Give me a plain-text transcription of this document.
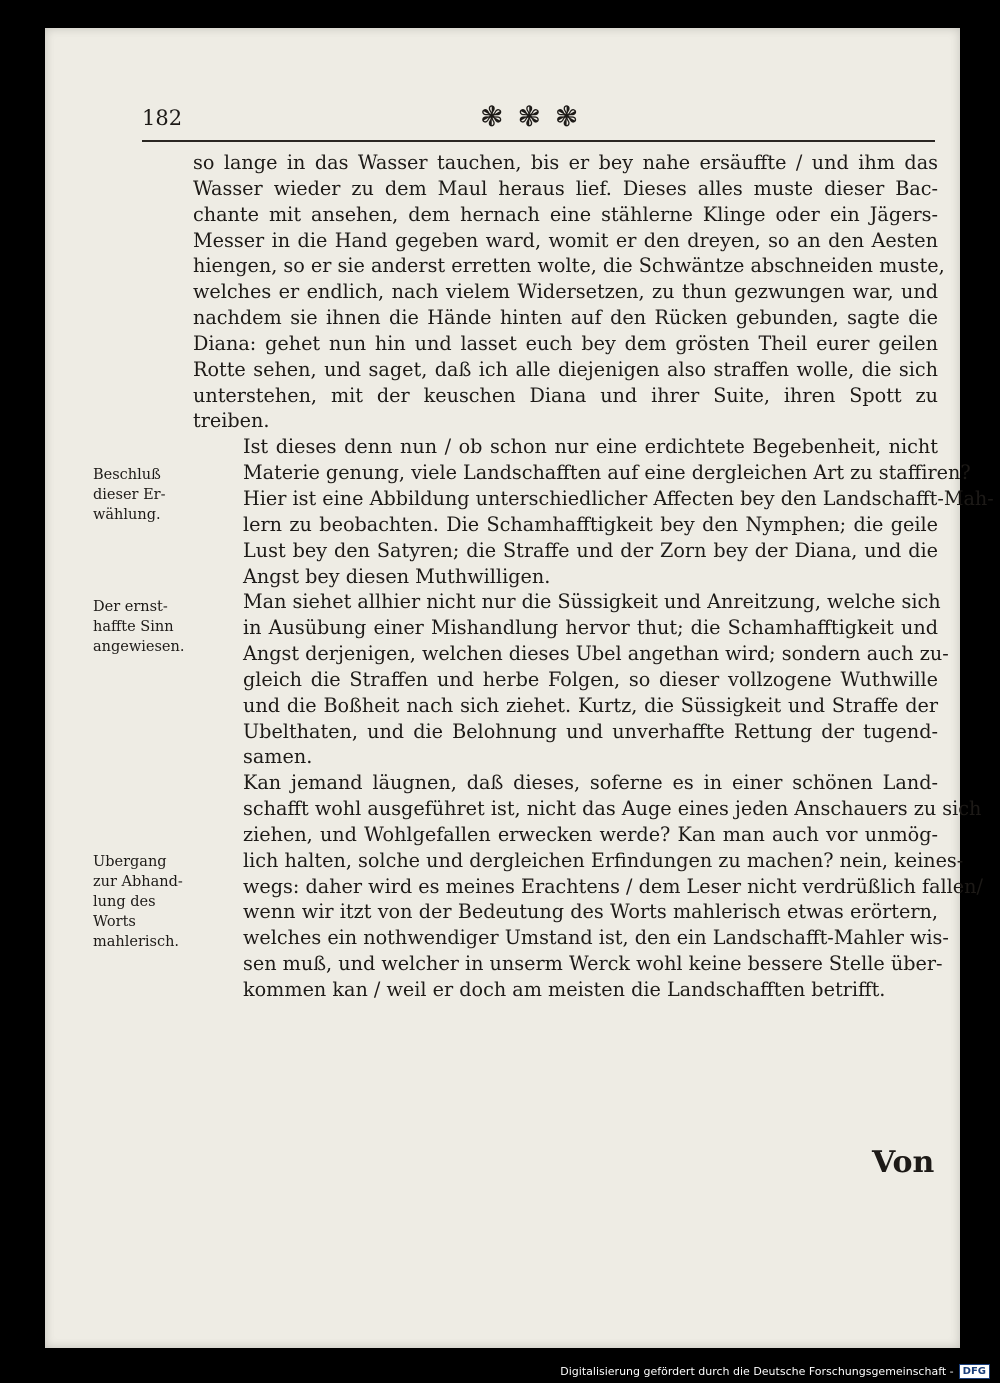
182	❃❃❃
so lange in das Wasser tauchen, bis er bey nahe ersäuffte / und ihm das
Wasser wieder zu dem Maul heraus lief. Dieses alles muste dieser Bac-
chante mit ansehen, dem hernach eine stählerne Klinge oder ein Jägers-
Messer in die Hand gegeben ward, womit er den dreyen, so an den Aesten
hiengen, so er sie anderst erretten wolte, die Schwäntze abschneiden muste,
welches er endlich, nach vielem Widersetzen, zu thun gezwungen war, und
nachdem sie ihnen die Hände hinten auf den Rücken gebunden, sagte die
Diana: gehet nun hin und lasset euch bey dem grösten Theil eurer geilen
Rotte sehen, und saget, daß ich alle diejenigen also straffen wolle, die sich
unterstehen, mit der keuschen Diana und ihrer Suite, ihren Spott zu
treiben.
Ist dieses denn nun / ob schon nur eine erdichtete Begebenheit, nicht
Materie genung, viele Landschafften auf eine dergleichen Art zu staffiren?
Hier ist eine Abbildung unterschiedlicher Affecten bey den Landschafft-Mah-
lern zu beobachten. Die Schamhafftigkeit bey den Nymphen; die geile
Lust bey den Satyren; die Straffe und der Zorn bey der Diana, und die
Angst bey diesen Muthwilligen.
Man siehet allhier nicht nur die Süssigkeit und Anreitzung, welche sich
in Ausübung einer Mishandlung hervor thut; die Schamhafftigkeit und
Angst derjenigen, welchen dieses Ubel angethan wird; sondern auch zu-
gleich die Straffen und herbe Folgen, so dieser vollzogene Wuthwille
und die Boßheit nach sich ziehet. Kurtz, die Süssigkeit und Straffe der
Ubelthaten, und die Belohnung und unverhaffte Rettung der tugend-
samen.
Kan jemand läugnen, daß dieses, soferne es in einer schönen Land-
schafft wohl ausgeführet ist, nicht das Auge eines jeden Anschauers zu sich
ziehen, und Wohlgefallen erwecken werde? Kan man auch vor unmög-
lich halten, solche und dergleichen Erfindungen zu machen? nein, keines-
wegs: daher wird es meines Erachtens / dem Leser nicht verdrüßlich fallen/
wenn wir itzt von der Bedeutung des Worts mahlerisch etwas erörtern,
welches ein nothwendiger Umstand ist, den ein Landschafft-Mahler wis-
sen muß, und welcher in unserm Werck wohl keine bessere Stelle über-
kommen kan / weil er doch am meisten die Landschafften betrifft.
Beschluß
dieser Er-
wählung.
Der ernst-
haffte Sinn
angewiesen.
Ubergang
zur Abhand-
lung des
Worts
mahlerisch.
Von
Digitalisierung gefördert durch die Deutsche Forschungsgemeinschaft - DFG
